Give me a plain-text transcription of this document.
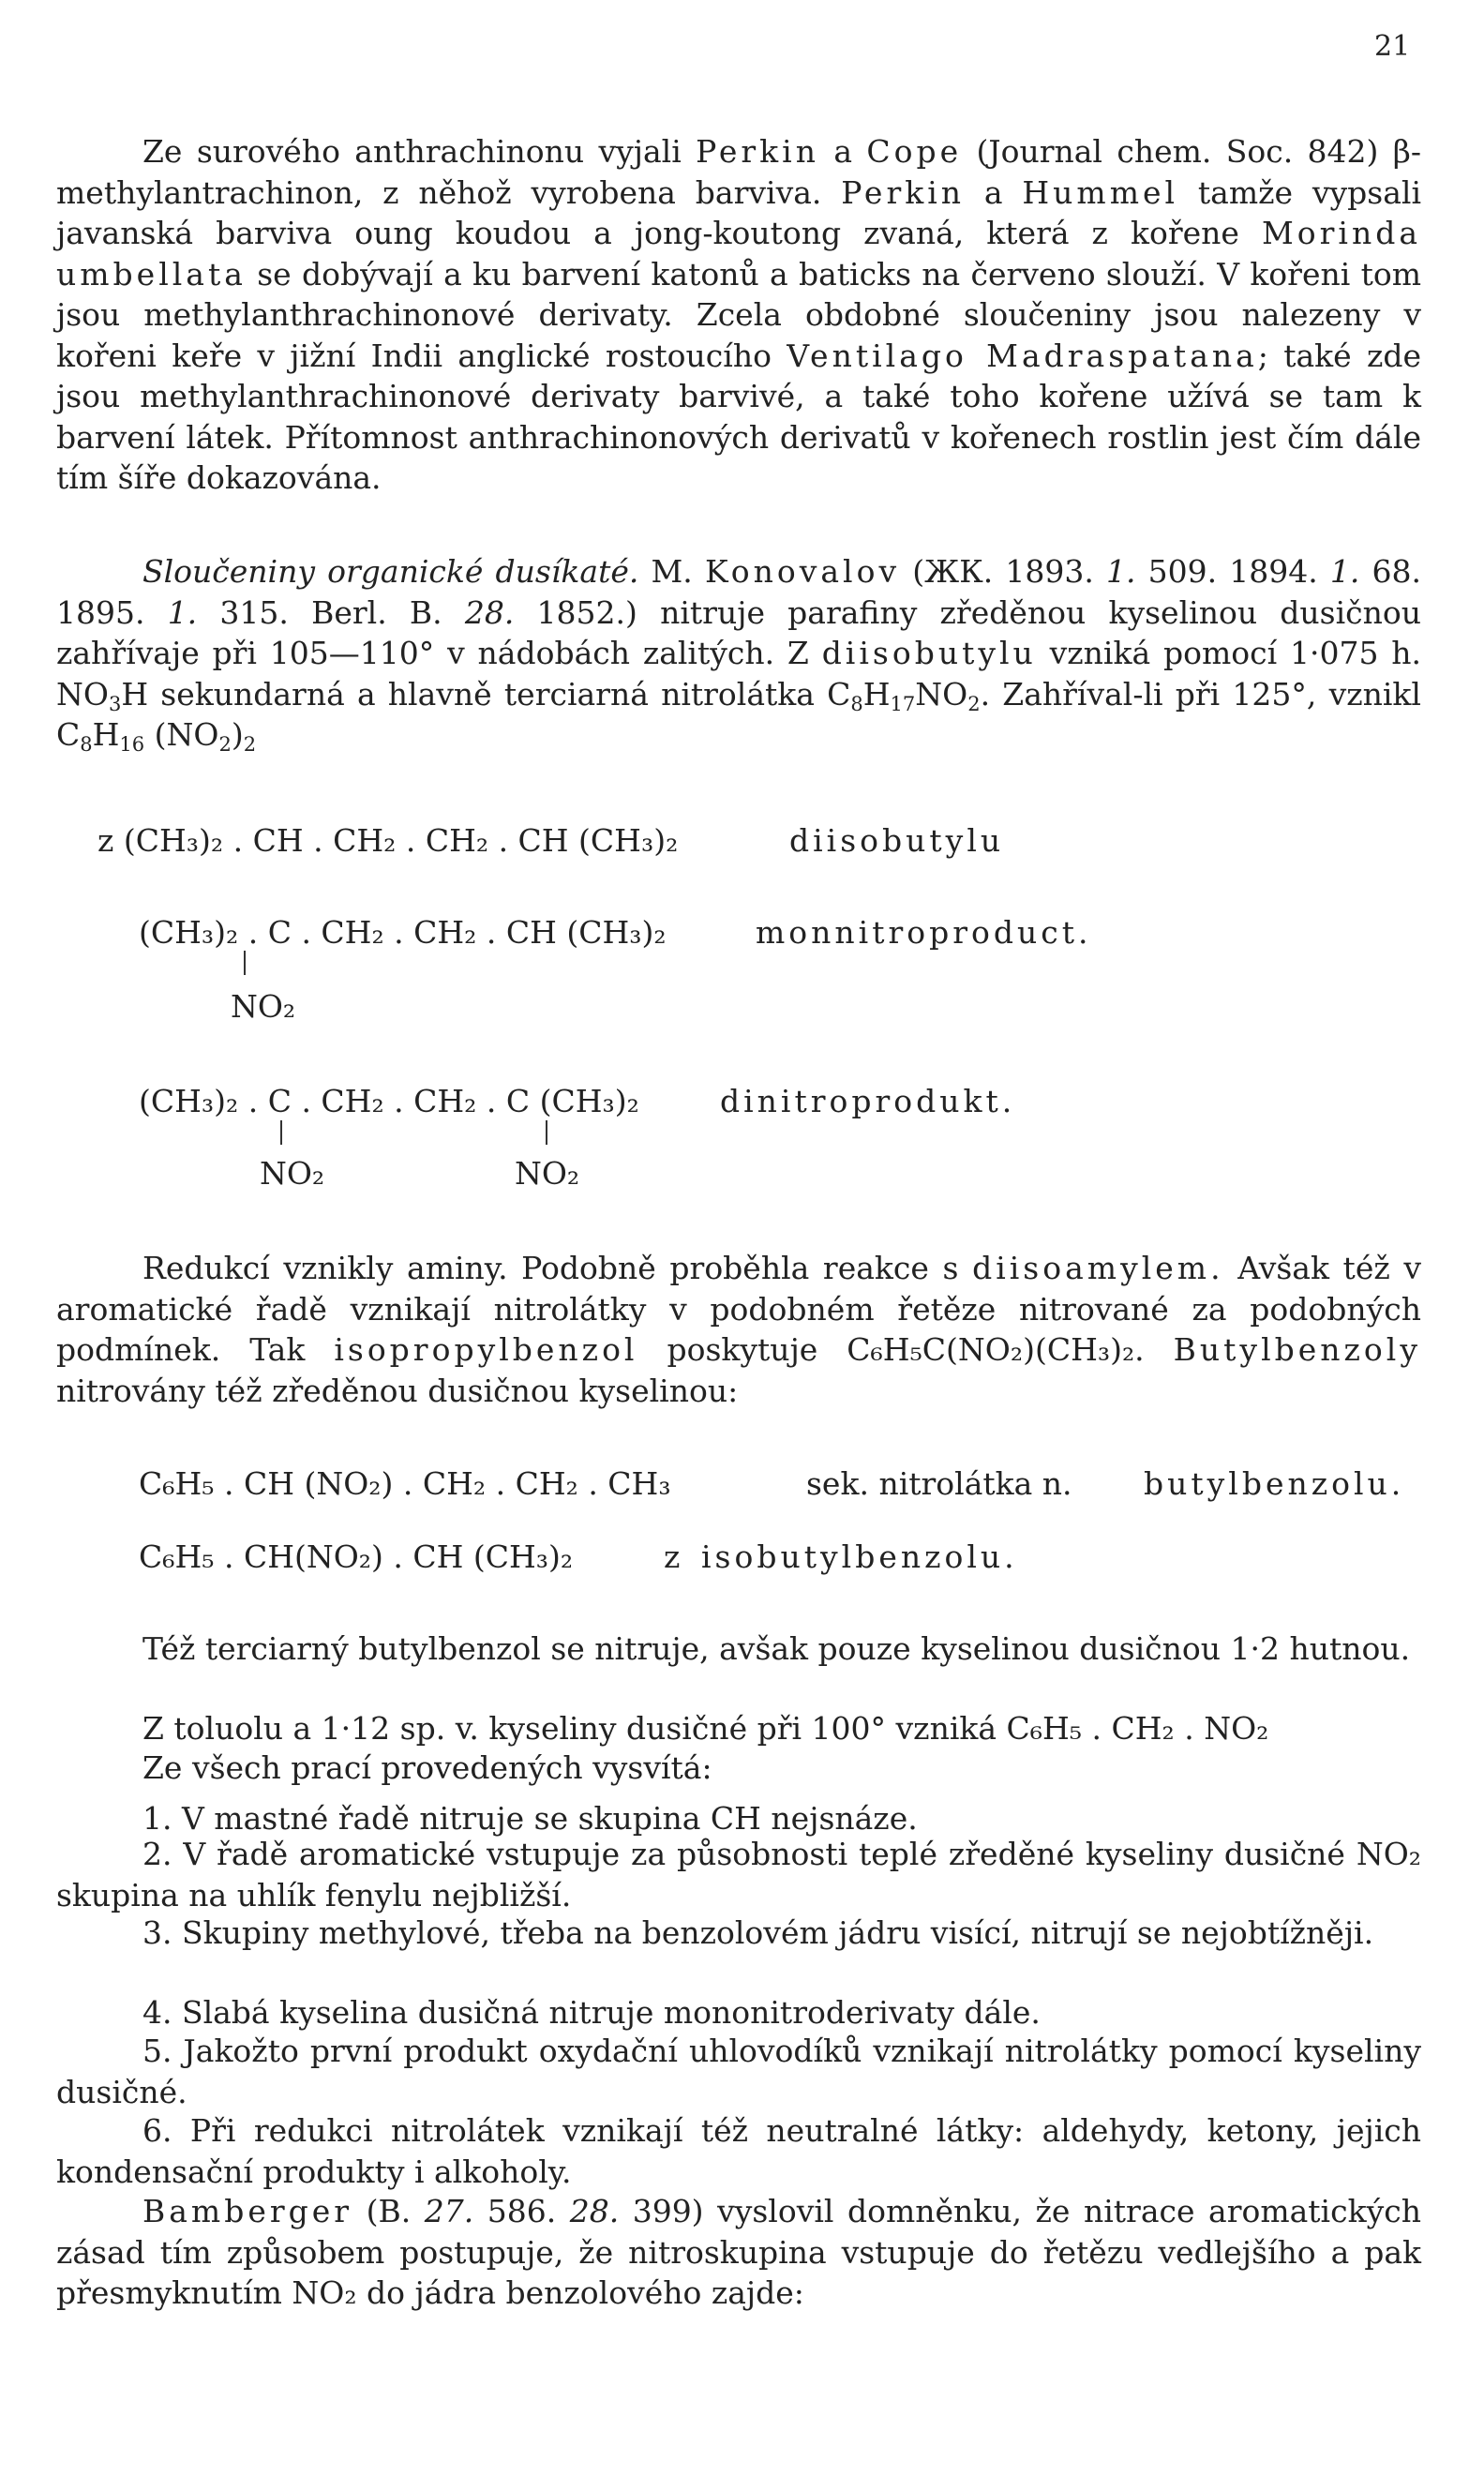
21

Ze surového anthrachinonu vyjali Perkin a Cope (Journal chem. Soc. 842) β-methylantrachinon, z něhož vyrobena barviva. Perkin a Hummel tamže vypsali javanská barviva oung koudou a jong-koutong zvaná, která z kořene Morinda umbellata se dobývají a ku barvení katonů a baticks na červeno slouží. V kořeni tom jsou methylanthrachinonové derivaty. Zcela obdobné sloučeniny jsou nalezeny v kořeni keře v jižní Indii anglické rostoucího Ventilago Madraspatana; také zde jsou methylanthrachinonové derivaty barvivé, a také toho kořene užívá se tam k barvení látek. Přítomnost anthrachinonových derivatů v kořenech rostlin jest čím dále tím šíře dokazována.

Sloučeniny organické dusíkaté. M. Konovalov (ЖК. 1893. 1. 509. 1894. 1. 68. 1895. 1. 315. Berl. B. 28. 1852.) nitruje parafiny zředěnou kyselinou dusičnou zahřívaje při 105—110° v nádobách zalitých. Z diisobutylu vzniká pomocí 1·075 h. $NO_3H$ sekundarná a hlavně terciarná nitrolátka $C_8H_{17}NO_2$. Zahříval-li při 125°, vznikl $C_8H_{16}$ $(NO_2)_2$

z (CH₃)₂ . CH . CH₂ . CH₂ . CH (CH₃)₂	diisobutylu
(CH₃)₂ . C . CH₂ . CH₂ . CH (CH₃)₂	monnitroproduct.
NO₂
(CH₃)₂ . C . CH₂ . CH₂ . C (CH₃)₂	dinitroprodukt.
NO₂	NO₂

Redukcí vznikly aminy. Podobně proběhla reakce s diisoamylem. Avšak též v aromatické řadě vznikají nitrolátky v podobném řetěze nitrované za podobných podmínek. Tak isopropylbenzol poskytuje C₆H₅C(NO₂)(CH₃)₂. Butylbenzoly nitrovány též zředěnou dusičnou kyselinou:

C₆H₅ . CH (NO₂) . CH₂ . CH₂ . CH₃	sek. nitrolátka n. butylbenzolu.
C₆H₅ . CH(NO₂) . CH (CH₃)₂	z isobutylbenzolu.

Též terciarný butylbenzol se nitruje, avšak pouze kyselinou dusičnou 1·2 hutnou.

Z toluolu a 1·12 sp. v. kyseliny dusičné při 100° vzniká C₆H₅ . CH₂ . NO₂

Ze všech prací provedených vysvítá:

1. V mastné řadě nitruje se skupina CH nejsnáze.

2. V řadě aromatické vstupuje za působnosti teplé zředěné kyseliny dusičné NO₂ skupina na uhlík fenylu nejbližší.

3. Skupiny methylové, třeba na benzolovém jádru visící, nitrují se nejobtížněji.

4. Slabá kyselina dusičná nitruje mononitroderivaty dále.

5. Jakožto první produkt oxydační uhlovodíků vznikají nitrolátky pomocí kyseliny dusičné.

6. Při redukci nitrolátek vznikají též neutralné látky: aldehydy, ketony, jejich kondensační produkty i alkoholy.

Bamberger (B. 27. 586. 28. 399) vyslovil domněnku, že nitrace aromatických zásad tím způsobem postupuje, že nitroskupina vstupuje do řetězu vedlejšího a pak přesmyknutím NO₂ do jádra benzolového zajde:
